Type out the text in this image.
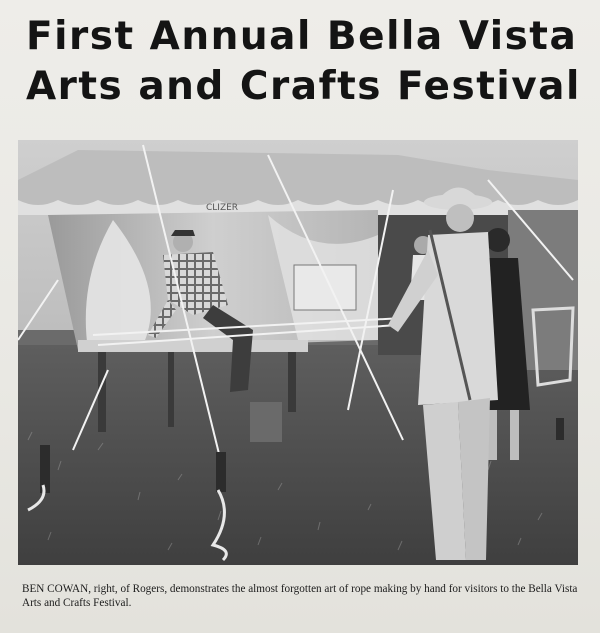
First Annual Bella Vista
Arts and Crafts Festival
CLIZER
BEN COWAN, right, of Rogers, demonstrates the almost forgotten art of rope making by hand for visitors to the Bella Vista Arts and Crafts Festival.
